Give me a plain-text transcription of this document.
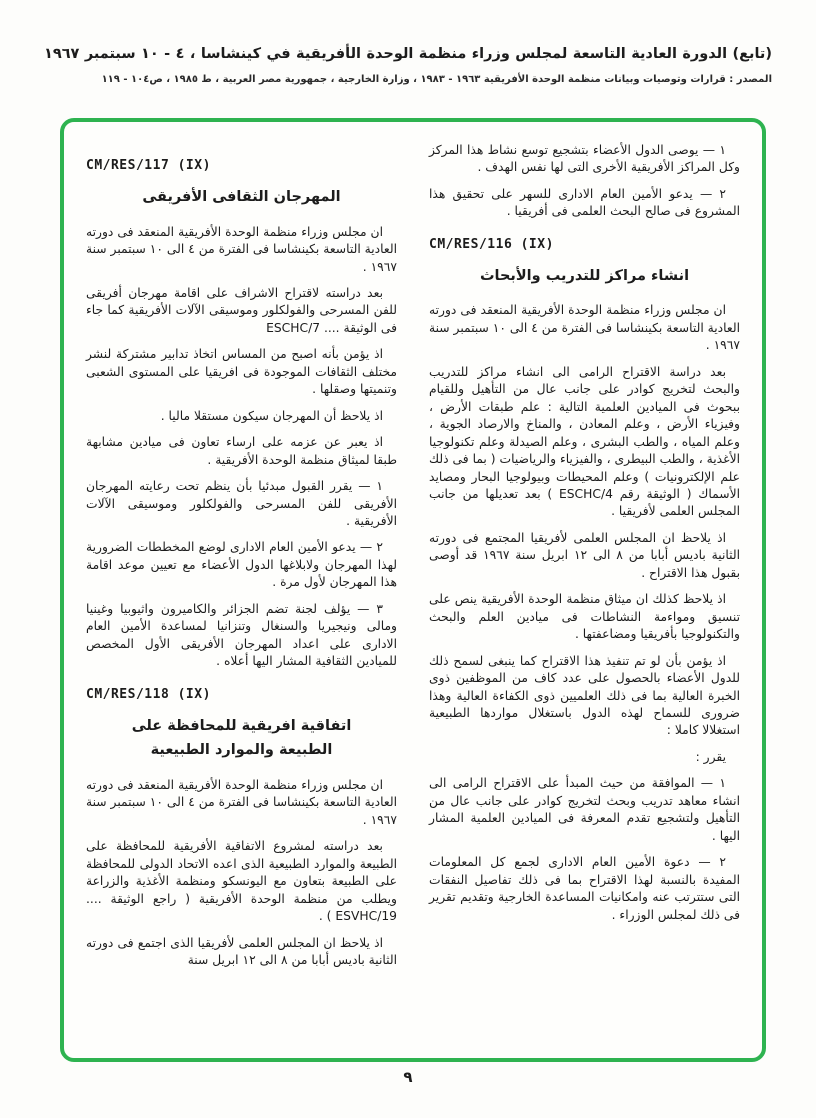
(تابع) الدورة العادية التاسعة لمجلس وزراء منظمة الوحدة الأفريقية في كينشاسا ، ٤ - ١٠ سبتمبر ١٩٦٧
المصدر : قرارات وتوصيات وبيانات منظمة الوحدة الأفريقية ١٩٦٣ - ١٩٨٣ ، وزارة الخارجية ، جمهورية مصر العربية ، ط ١٩٨٥ ، ص١٠٤ - ١١٩
١ — يوصى الدول الأعضاء بتشجيع توسع نشاط هذا المركز وكل المراكز الأفريقية الأخرى التى لها نفس الهدف .
٢ — يدعو الأمين العام الادارى للسهر على تحقيق هذا المشروع فى صالح البحث العلمى فى أفريقيا .
CM/RES/116 (IX)
انشاء مراكز للتدريب والأبحاث
ان مجلس وزراء منظمة الوحدة الأفريقية المنعقد فى دورته العادية التاسعة بكينشاسا فى الفترة من ٤ الى ١٠ سبتمبر سنة ١٩٦٧ .
بعد دراسة الاقتراح الرامى الى انشاء مراكز للتدريب والبحث لتخريج كوادر على جانب عال من التأهيل وللقيام ببحوث فى الميادين العلمية التالية : علم طبقات الأرض ، وفيزياء الأرض ، وعلم المعادن ، والمناخ والارصاد الجوية ، وعلم المياه ، والطب البشرى ، وعلم الصيدلة وعلم تكنولوجيا الأغذية ، والطب البيطرى ، والفيزياء والرياضيات ( بما فى ذلك علم الإلكترونيات ) وعلم المحيطات وبيولوجيا البحار ومصايد الأسماك ( الوثيقة رقم ESCHC/4 ) بعد تعديلها من جانب المجلس العلمى لأفريقيا .
اذ يلاحظ ان المجلس العلمى لأفريقيا المجتمع فى دورته الثانية باديس أبابا من ٨ الى ١٢ ابريل سنة ١٩٦٧ قد أوصى بقبول هذا الاقتراح .
اذ يلاحظ كذلك ان ميثاق منظمة الوحدة الأفريقية ينص على تنسيق ومواءمة النشاطات فى ميادين العلم والبحث والتكنولوجيا بأفريقيا ومضاعفتها .
اذ يؤمن بأن لو تم تنفيذ هذا الاقتراح كما ينبغى لسمح ذلك للدول الأعضاء بالحصول على عدد كاف من الموظفين ذوى الخبرة العالية بما فى ذلك العلميين ذوى الكفاءة العالية وهذا ضرورى للسماح لهذه الدول باستغلال مواردها الطبيعية استغلالا كاملا :
يقرر :
١ — الموافقة من حيث المبدأ على الاقتراح الرامى الى انشاء معاهد تدريب وبحث لتخريج كوادر على جانب عال من التأهيل ولتشجيع تقدم المعرفة فى الميادين العلمية المشار اليها .
٢ — دعوة الأمين العام الادارى لجمع كل المعلومات المفيدة بالنسبة لهذا الاقتراح بما فى ذلك تفاصيل النفقات التى ستترتب عنه وامكانيات المساعدة الخارجية وتقديم تقرير فى ذلك لمجلس الوزراء .
CM/RES/117 (IX)
المهرجان الثقافى الأفريقى
ان مجلس وزراء منظمة الوحدة الأفريقية المنعقد فى دورته العادية التاسعة بكينشاسا فى الفترة من ٤ الى ١٠ سبتمبر سنة ١٩٦٧ .
بعد دراسته لاقتراح الاشراف على اقامة مهرجان أفريقى للفن المسرحى والفولكلور وموسيقى الآلات الأفريقية كما جاء فى الوثيقة .... ESCHC/7
اذ يؤمن بأنه اصبح من المساس اتخاذ تدابير مشتركة لنشر مختلف الثقافات الموجودة فى افريقيا على المستوى الشعبى وتنميتها وصقلها .
اذ يلاحظ أن المهرجان سيكون مستقلا ماليا .
اذ يعبر عن عزمه على ارساء تعاون فى ميادين مشابهة طبقا لميثاق منظمة الوحدة الأفريقية .
١ — يقرر القبول مبدئيا بأن ينظم تحت رعايته المهرجان الأفريقى للفن المسرحى والفولكلور وموسيقى الآلات الأفريقية .
٢ — يدعو الأمين العام الادارى لوضع المخططات الضرورية لهذا المهرجان ولابلاغها الدول الأعضاء مع تعيين موعد اقامة هذا المهرجان لأول مرة .
٣ — يؤلف لجنة تضم الجزائر والكاميرون واثيوبيا وغينيا ومالى ونيجيريا والسنغال وتنزانيا لمساعدة الأمين العام الادارى على اعداد المهرجان الأفريقى الأول المخصص للميادين الثقافية المشار اليها أعلاه .
CM/RES/118 (IX)
اتفاقية افريقية للمحافظة على الطبيعة والموارد الطبيعية
ان مجلس وزراء منظمة الوحدة الأفريقية المنعقد فى دورته العادية التاسعة بكينشاسا فى الفترة من ٤ الى ١٠ سبتمبر سنة ١٩٦٧ .
بعد دراسته لمشروع الاتفاقية الأفريقية للمحافظة على الطبيعة والموارد الطبيعية الذى اعده الاتحاد الدولى للمحافظة على الطبيعة بتعاون مع اليونسكو ومنظمة الأغذية والزراعة ويطلب من منظمة الوحدة الأفريقية ( راجع الوثيقة .... ESVHC/19 ) .
اذ يلاحظ ان المجلس العلمى لأفريقيا الذى اجتمع فى دورته الثانية باديس أبابا من ٨ الى ١٢ ابريل سنة
٩
